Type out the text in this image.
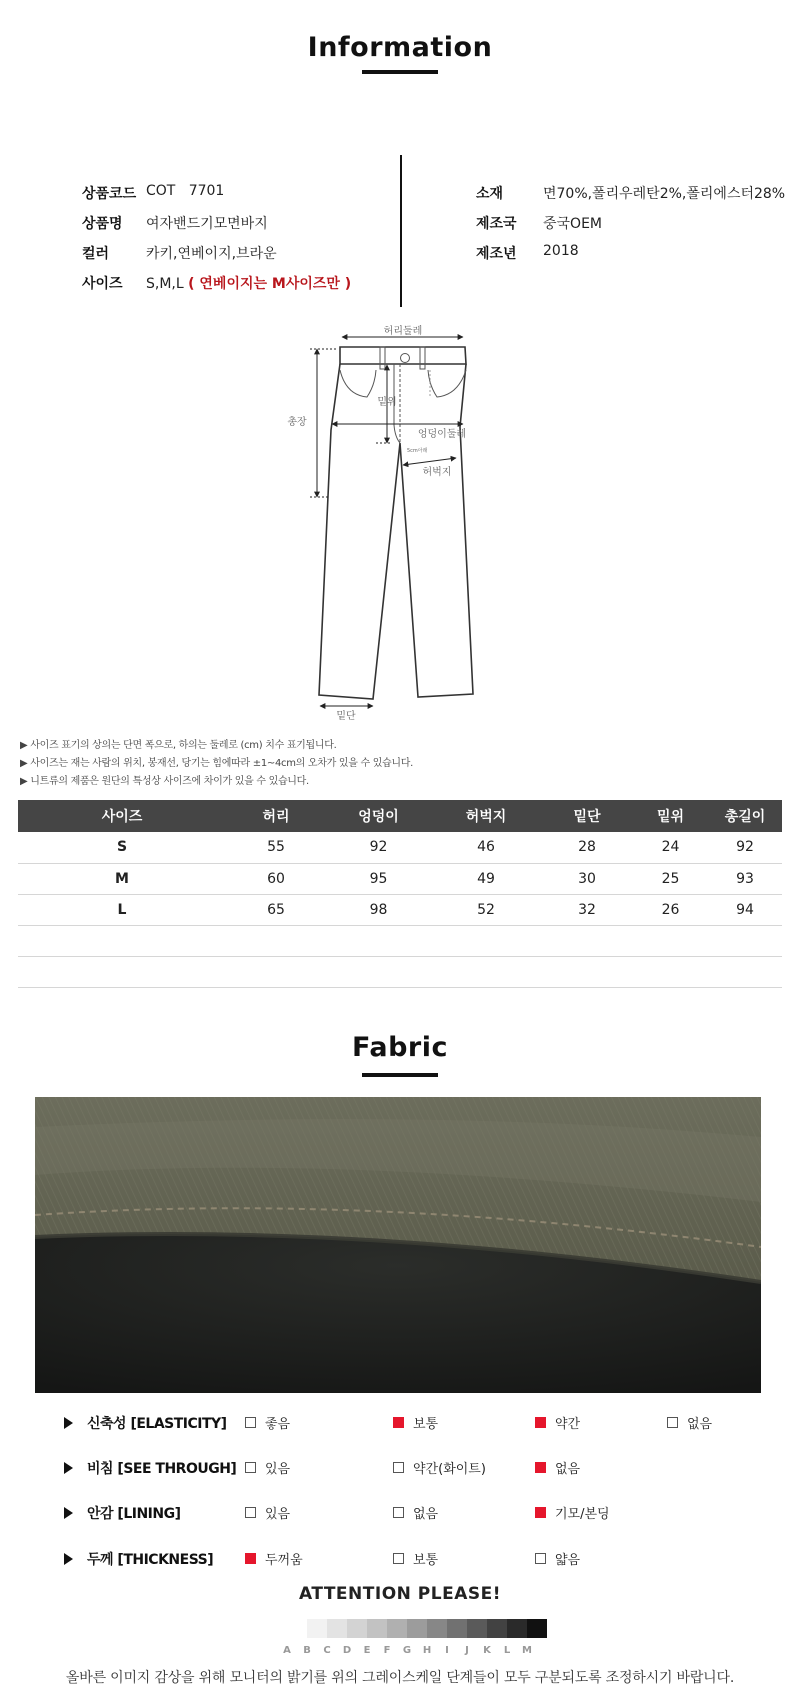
Information
상품코드 COT   7701
상품명 여자밴드기모면바지
컬러	카키,연베이지,브라운
사이즈 S,M,L ( 연베이지는 M사이즈만 )
소재	면70%,폴리우레탄2%,폴리에스터28%
제조국 중국OEM
제조년 2018
허리둘레
밑위
엉덩이둘레
5cm아래
허벅지
총장
밑단
▶ 사이즈 표기의 상의는 단면 폭으로, 하의는 둘레로 (cm) 치수 표기됩니다.
▶ 사이즈는 재는 사람의 위치, 봉재선, 당기는 힘에따라 ±1~4cm의 오차가 있을 수 있습니다.
▶ 니트류의 제품은 원단의 특성상 사이즈에 차이가 있을 수 있습니다.
사이즈	허리	엉덩이	허벅지	밑단	밑위	총길이
S	55	92	46	28	24	92
M	60	95	49	30	25	93
L	65	98	52	32	26	94

Fabric
신축성 [ELASTICITY]	좋음	보통	약간	없음
비침 [SEE THROUGH] 있음	약간(화이트)	없음
안감 [LINING]	있음	없음	기모/본딩
두께 [THICKNESS]	두꺼움	보통	얇음
ATTENTION PLEASE!
A	B	C	D	E	F	G	H	I	J	K	L	M
올바른 이미지 감상을 위해 모니터의 밝기를 위의 그레이스케일 단계들이 모두 구분되도록 조정하시기 바랍니다.
